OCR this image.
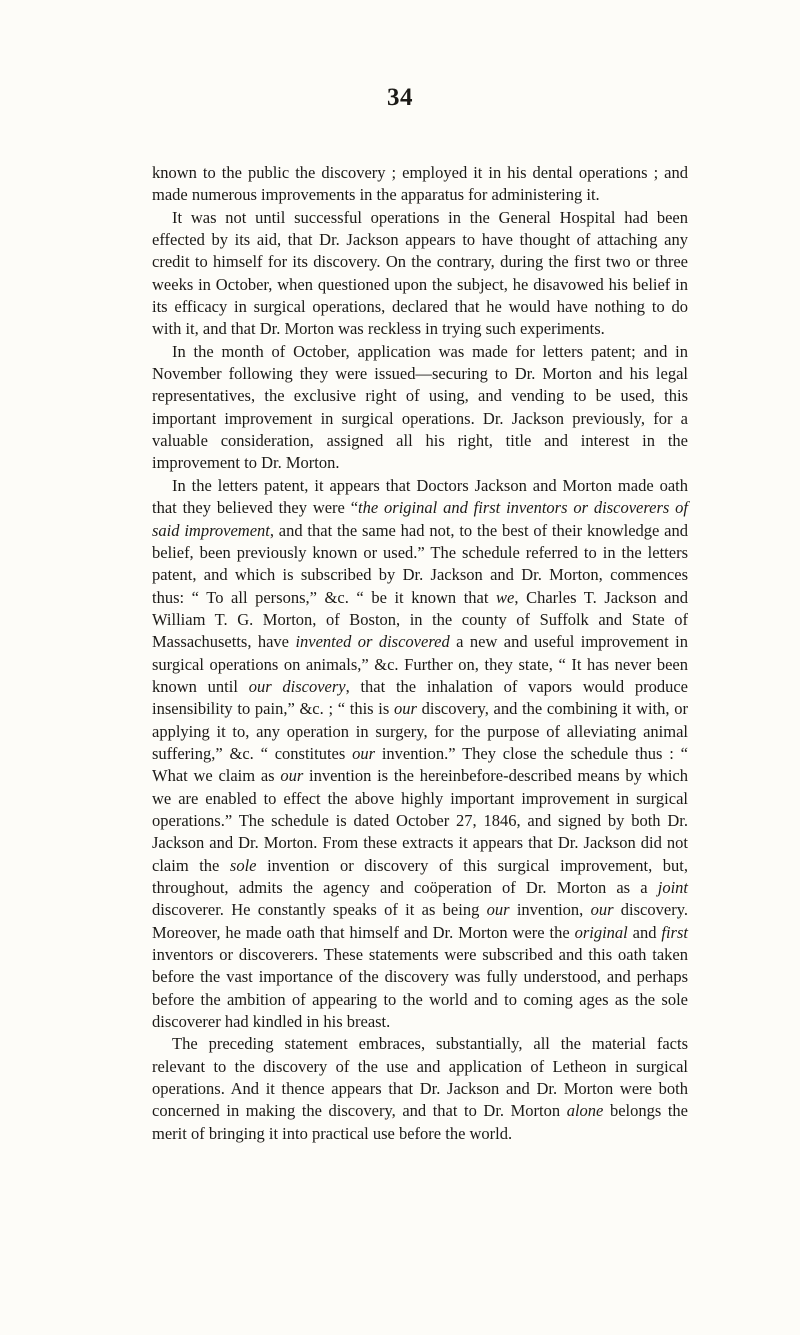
34

known to the public the discovery ; employed it in his dental operations ; and made numerous improvements in the apparatus for administering it.

It was not until successful operations in the General Hospital had been effected by its aid, that Dr. Jackson appears to have thought of attaching any credit to himself for its discovery. On the contrary, during the first two or three weeks in October, when questioned upon the subject, he disavowed his belief in its efficacy in surgical operations, declared that he would have nothing to do with it, and that Dr. Morton was reckless in trying such experiments.

In the month of October, application was made for letters patent; and in November following they were issued—securing to Dr. Morton and his legal representatives, the exclusive right of using, and vending to be used, this important improvement in surgical operations. Dr. Jackson previously, for a valuable consideration, assigned all his right, title and interest in the improvement to Dr. Morton.

In the letters patent, it appears that Doctors Jackson and Morton made oath that they believed they were “the original and first inventors or discoverers of said improvement, and that the same had not, to the best of their knowledge and belief, been previously known or used.” The schedule referred to in the letters patent, and which is subscribed by Dr. Jackson and Dr. Morton, commences thus: “ To all persons,” &c. “ be it known that we, Charles T. Jackson and William T. G. Morton, of Boston, in the county of Suffolk and State of Massachusetts, have invented or discovered a new and useful improvement in surgical operations on animals,” &c. Further on, they state, “ It has never been known until our discovery, that the inhalation of vapors would produce insensibility to pain,” &c. ; “ this is our discovery, and the combining it with, or applying it to, any operation in surgery, for the purpose of alleviating animal suffering,” &c. “ constitutes our invention.” They close the schedule thus : “ What we claim as our invention is the hereinbefore-described means by which we are enabled to effect the above highly important improvement in surgical operations.” The schedule is dated October 27, 1846, and signed by both Dr. Jackson and Dr. Morton. From these extracts it appears that Dr. Jackson did not claim the sole invention or discovery of this surgical improvement, but, throughout, admits the agency and coöperation of Dr. Morton as a joint discoverer. He constantly speaks of it as being our invention, our discovery. Moreover, he made oath that himself and Dr. Morton were the original and first inventors or discoverers. These statements were subscribed and this oath taken before the vast importance of the discovery was fully understood, and perhaps before the ambition of appearing to the world and to coming ages as the sole discoverer had kindled in his breast.

The preceding statement embraces, substantially, all the material facts relevant to the discovery of the use and application of Letheon in surgical operations. And it thence appears that Dr. Jackson and Dr. Morton were both concerned in making the discovery, and that to Dr. Morton alone belongs the merit of bringing it into practical use before the world.
